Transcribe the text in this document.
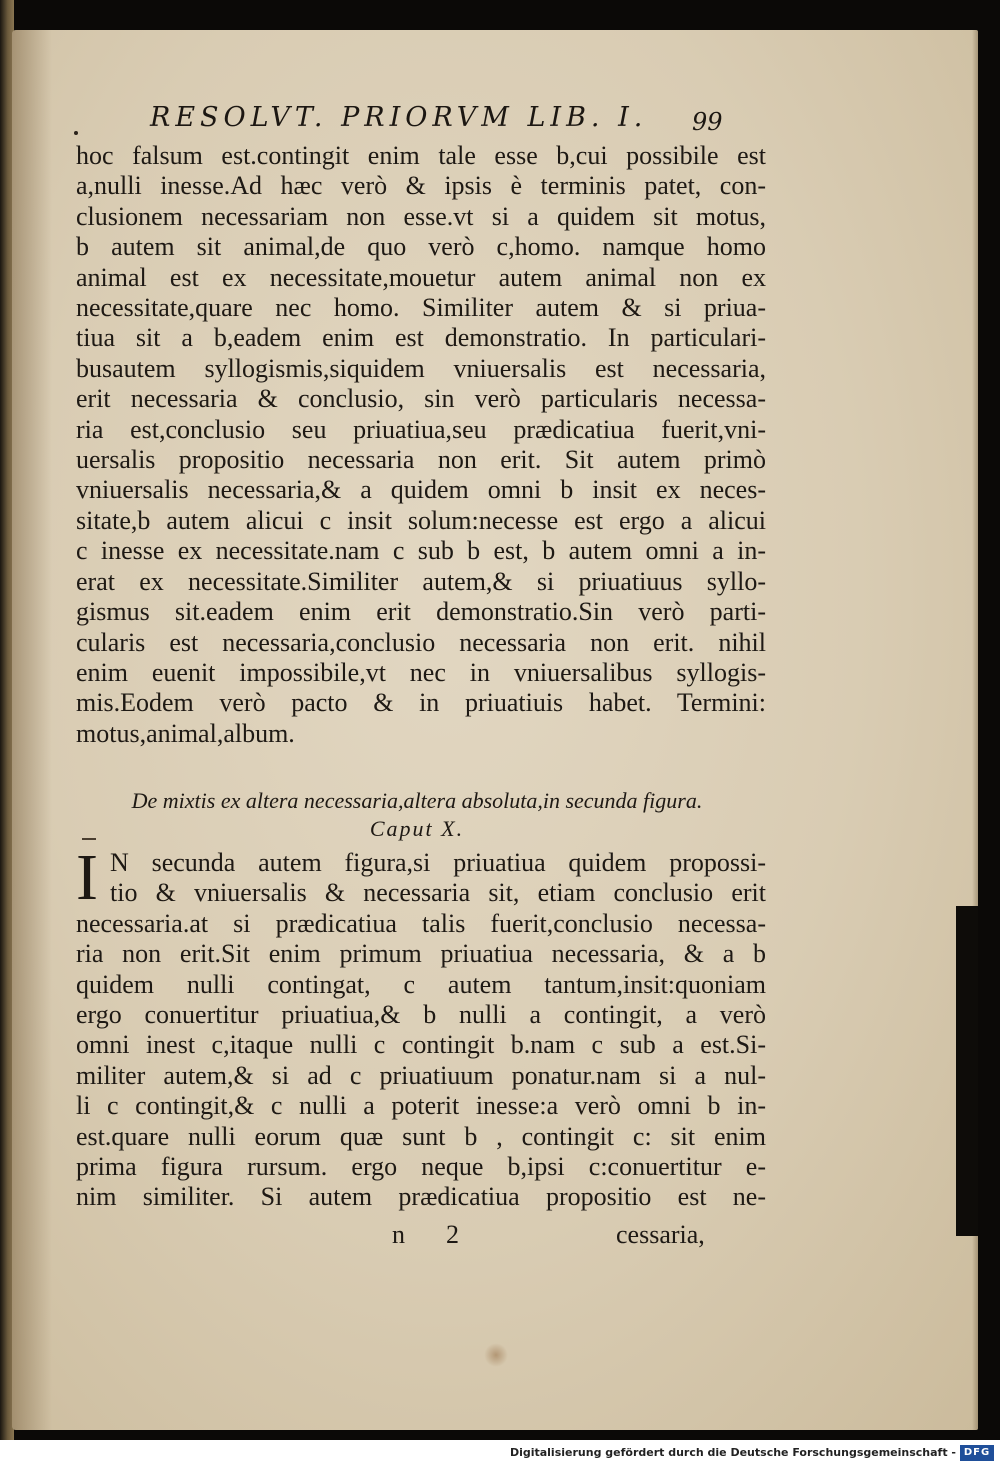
RESOLVT. PRIORVM LIB. I. 99
hoc falsum est.contingit enim tale esse b,cui possibile est
a,nulli inesse.Ad hæc verò & ipsis è terminis patet, con-
clusionem necessariam non esse.vt si a quidem sit motus,
b autem sit animal,de quo verò c,homo. namque homo
animal est ex necessitate,mouetur autem animal non ex
necessitate,quare nec homo. Similiter autem & si priua-
tiua sit a b,eadem enim est demonstratio. In particulari-
busautem syllogismis,siquidem vniuersalis est necessaria,
erit necessaria & conclusio, sin verò particularis necessa-
ria est,conclusio seu priuatiua,seu prædicatiua fuerit,vni-
uersalis propositio necessaria non erit. Sit autem primò
vniuersalis necessaria,& a quidem omni b insit ex neces-
sitate,b autem alicui c insit solum:necesse est ergo a alicui
c inesse ex necessitate.nam c sub b est, b autem omni a in-
erat ex necessitate.Similiter autem,& si priuatiuus syllo-
gismus sit.eadem enim erit demonstratio.Sin verò parti-
cularis est necessaria,conclusio necessaria non erit. nihil
enim euenit impossibile,vt nec in vniuersalibus syllogis-
mis.Eodem verò pacto & in priuatiuis habet. Termini:
motus,animal,album.
De mixtis ex altera necessaria,altera absoluta,in secunda figura.
Caput X.
I N secunda autem figura,si priuatiua quidem propossi-
tio & vniuersalis & necessaria sit, etiam conclusio erit
necessaria.at si prædicatiua talis fuerit,conclusio necessa-
ria non erit.Sit enim primum priuatiua necessaria, & a b
quidem nulli contingat, c autem tantum,insit:quoniam
ergo conuertitur priuatiua,& b nulli a contingit, a verò
omni inest c,itaque nulli c contingit b.nam c sub a est.Si-
militer autem,& si ad c priuatiuum ponatur.nam si a nul-
li c contingit,& c nulli a poterit inesse:a verò omni b in-
est.quare nulli eorum quæ sunt b , contingit c: sit enim
prima figura rursum. ergo neque b,ipsi c:conuertitur e-
nim similiter. Si autem prædicatiua propositio est ne-
n 2	cessaria,
Digitalisierung gefördert durch die Deutsche Forschungsgemeinschaft - DFG
